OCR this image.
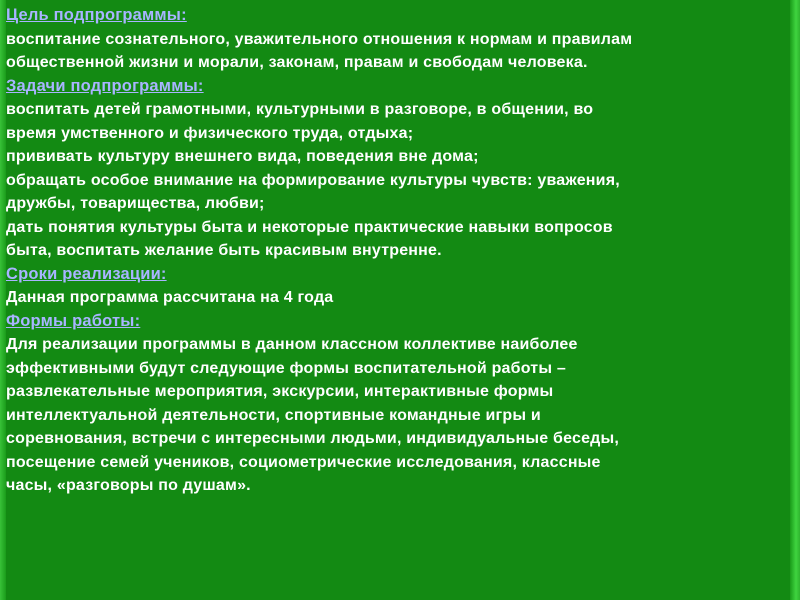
Цель подпрограммы:

воспитание сознательного, уважительного отношения к нормам и правилам

общественной жизни и морали, законам, правам и свободам человека.

Задачи подпрограммы:

воспитать детей грамотными, культурными в разговоре, в общении, во

время умственного и физического труда, отдыха;

прививать культуру внешнего вида, поведения вне дома;

обращать особое внимание на формирование культуры чувств: уважения,

дружбы, товарищества, любви;

дать понятия культуры быта и некоторые практические навыки вопросов

быта, воспитать желание быть красивым внутренне.

Сроки реализации:

Данная программа рассчитана на 4 года

Формы работы:

Для реализации программы в данном классном коллективе наиболее

эффективными будут следующие формы воспитательной работы –

развлекательные мероприятия, экскурсии, интерактивные формы

интеллектуальной деятельности, спортивные командные игры и

соревнования, встречи с интересными людьми, индивидуальные беседы,

посещение семей учеников, социометрические исследования, классные

часы, «разговоры по душам».
